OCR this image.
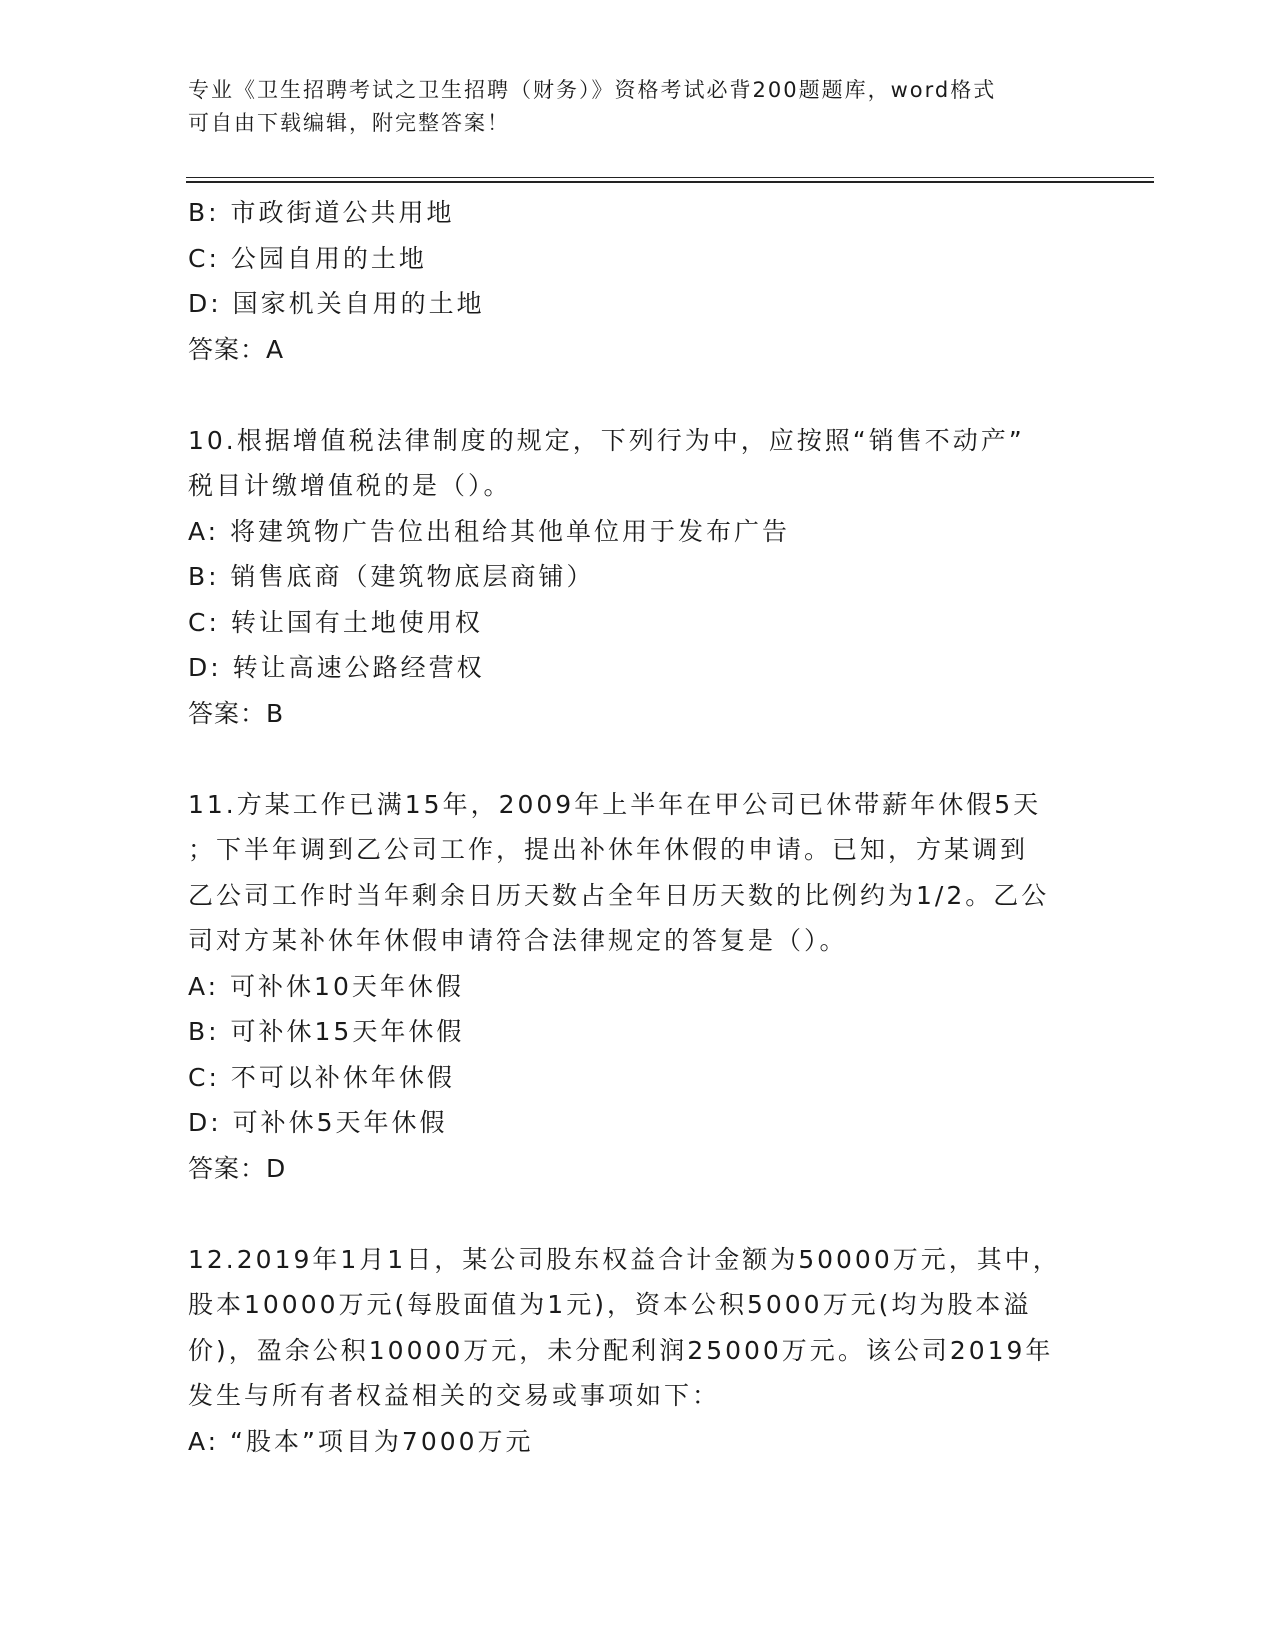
专业《卫生招聘考试之卫生招聘（财务）》资格考试必背200题题库，word格式
可自由下载编辑，附完整答案！
B: 市政街道公共用地
C: 公园自用的土地
D: 国家机关自用的土地
答案：A
10.根据增值税法律制度的规定，下列行为中，应按照“销售不动产”
税目计缴增值税的是（）。
A: 将建筑物广告位出租给其他单位用于发布广告
B: 销售底商（建筑物底层商铺）
C: 转让国有土地使用权
D: 转让高速公路经营权
答案：B
11.方某工作已满15年，2009年上半年在甲公司已休带薪年休假5天
；下半年调到乙公司工作，提出补休年休假的申请。已知，方某调到
乙公司工作时当年剩余日历天数占全年日历天数的比例约为1/2。乙公
司对方某补休年休假申请符合法律规定的答复是（）。
A: 可补休10天年休假
B: 可补休15天年休假
C: 不可以补休年休假
D: 可补休5天年休假
答案：D
12.2019年1月1日，某公司股东权益合计金额为50000万元，其中，
股本10000万元(每股面值为1元)，资本公积5000万元(均为股本溢
价)，盈余公积10000万元，未分配利润25000万元。该公司2019年
发生与所有者权益相关的交易或事项如下：
A: “股本”项目为7000万元
